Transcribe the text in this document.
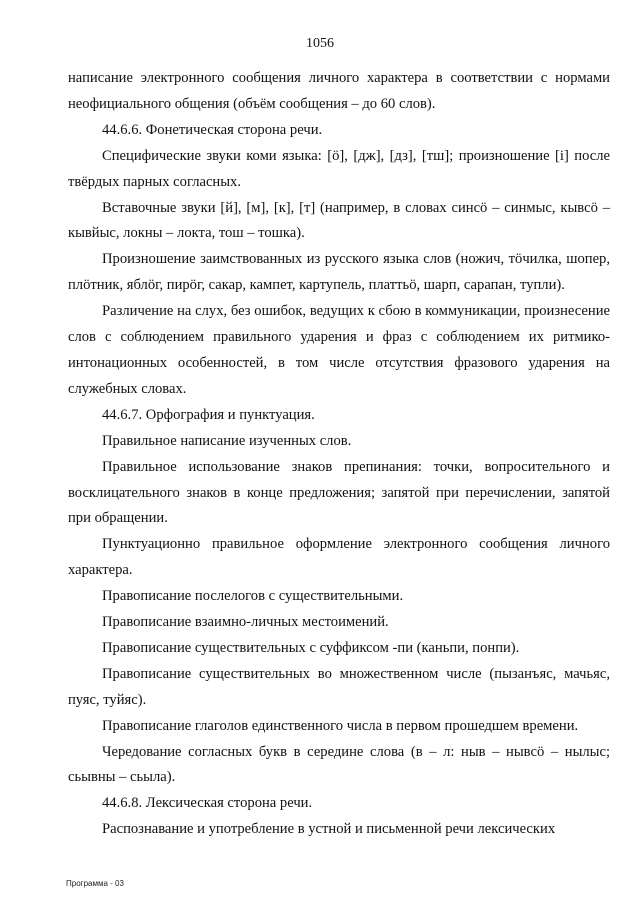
1056

написание электронного сообщения личного характера в соответствии с нормами неофициального общения (объём сообщения – до 60 слов).

44.6.6. Фонетическая сторона речи.

Специфические звуки коми языка: [ö], [дж], [дз], [тш]; произношение [i] после твёрдых парных согласных.

Вставочные звуки [й], [м], [к], [т] (например, в словах синсö – синмыс, кывсö – кывйыс, локны – локта, тош – тошка).

Произношение заимствованных из русского языка слов (ножич, тöчилка, шопер, плöтник, яблöг, пирöг, сакар, кампет, картупель, платтьö, шарп, сарапан, тупли).

Различение на слух, без ошибок, ведущих к сбою в коммуникации, произнесение слов с соблюдением правильного ударения и фраз с соблюдением их ритмико-интонационных особенностей, в том числе отсутствия фразового ударения на служебных словах.

44.6.7. Орфография и пунктуация.

Правильное написание изученных слов.

Правильное использование знаков препинания: точки, вопросительного и восклицательного знаков в конце предложения; запятой при перечислении, запятой при обращении.

Пунктуационно правильное оформление электронного сообщения личного характера.

Правописание послелогов с существительными.

Правописание взаимно-личных местоимений.

Правописание существительных с суффиксом -пи (каньпи, понпи).

Правописание существительных во множественном числе (пызанъяс, мачьяс, пуяс, туйяс).

Правописание глаголов единственного числа в первом прошедшем времени.

Чередование согласных букв в середине слова (в – л: ныв – нывсö – нылыс; сьывны – сьыла).

44.6.8. Лексическая сторона речи.

Распознавание и употребление в устной и письменной речи лексических

Программа - 03
